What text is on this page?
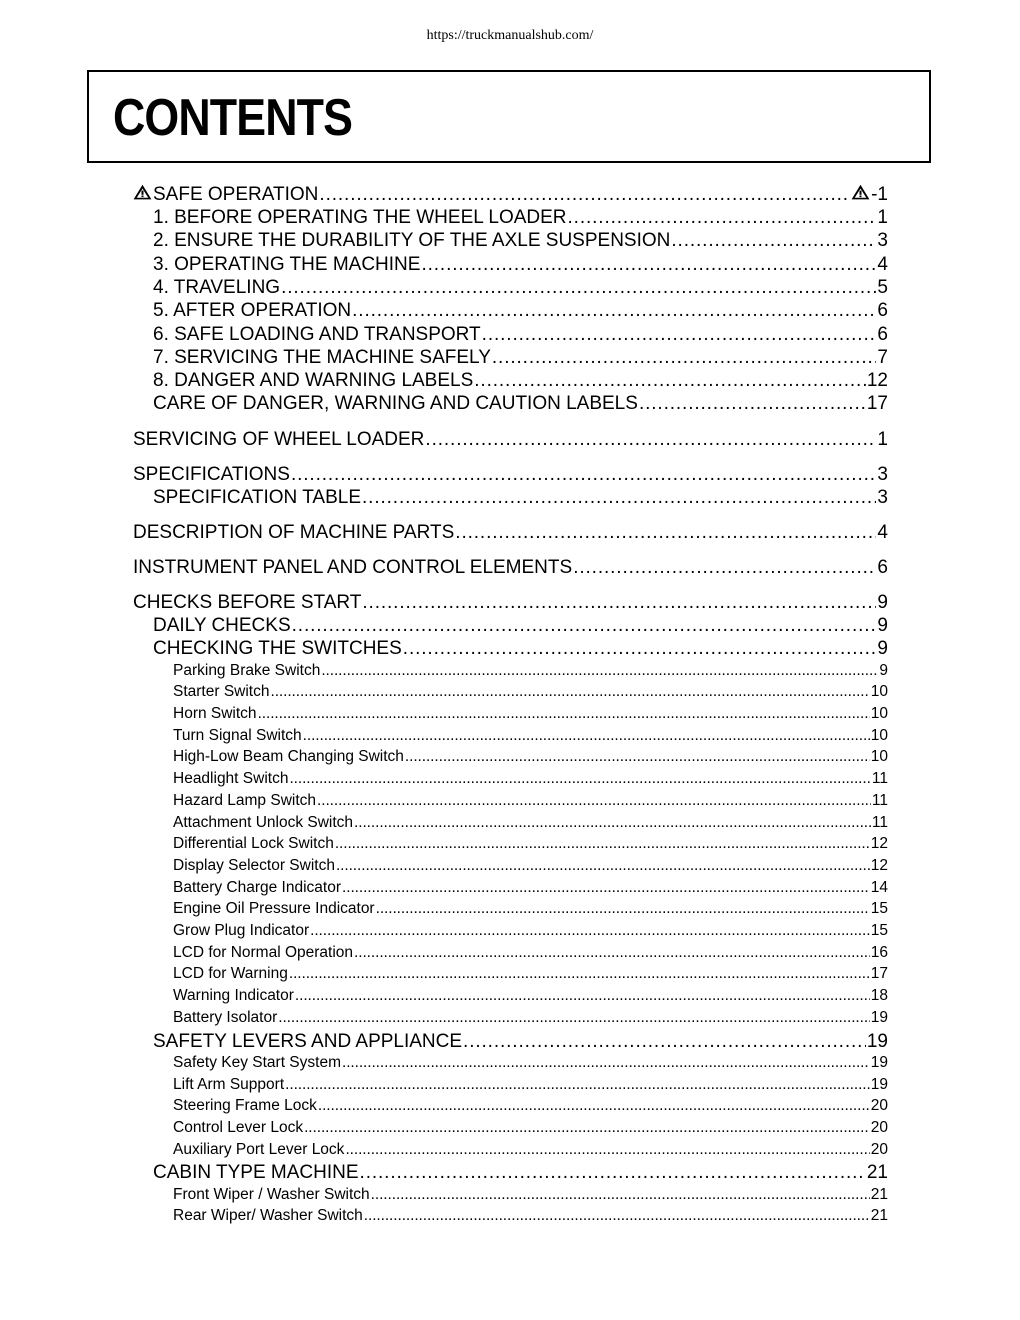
https://truckmanualshub.com/
CONTENTS
SAFE OPERATION . . .	-1
1. BEFORE OPERATING THE WHEEL LOADER . . .	1
2. ENSURE THE DURABILITY OF THE AXLE SUSPENSION . . .	3
3. OPERATING THE MACHINE . . .	4
4. TRAVELING . . .	5
5. AFTER OPERATION . . .	6
6. SAFE LOADING AND TRANSPORT . . .	6
7. SERVICING THE MACHINE SAFELY . . .	7
8. DANGER AND WARNING LABELS . . .	12
CARE OF DANGER, WARNING AND CAUTION LABELS . . .	17
SERVICING OF WHEEL LOADER . . .	1
SPECIFICATIONS . . .	3
SPECIFICATION TABLE . . .	3
DESCRIPTION OF MACHINE PARTS . . .	4
INSTRUMENT PANEL AND CONTROL ELEMENTS . . .	6
CHECKS BEFORE START . . .	9
DAILY CHECKS . . .	9
CHECKING THE SWITCHES . . .	9
Parking Brake Switch . . .	9
Starter Switch . . .	10
Horn Switch . . .	10
Turn Signal Switch . . .	10
High-Low Beam Changing Switch . . .	10
Headlight Switch . . .	11
Hazard Lamp Switch . . .	11
Attachment Unlock Switch . . .	11
Differential Lock Switch . . .	12
Display Selector Switch . . .	12
Battery Charge Indicator . . .	14
Engine Oil Pressure Indicator . . .	15
Grow Plug Indicator . . .	15
LCD for Normal Operation . . .	16
LCD for Warning . . .	17
Warning Indicator . . .	18
Battery Isolator . . .	19
SAFETY LEVERS AND APPLIANCE . . .	19
Safety Key Start System . . .	19
Lift Arm Support . . .	19
Steering Frame Lock . . .	20
Control Lever Lock . . .	20
Auxiliary Port Lever Lock . . .	20
CABIN TYPE MACHINE . . .	21
Front Wiper / Washer Switch . . .	21
Rear Wiper/ Washer Switch . . .	21
